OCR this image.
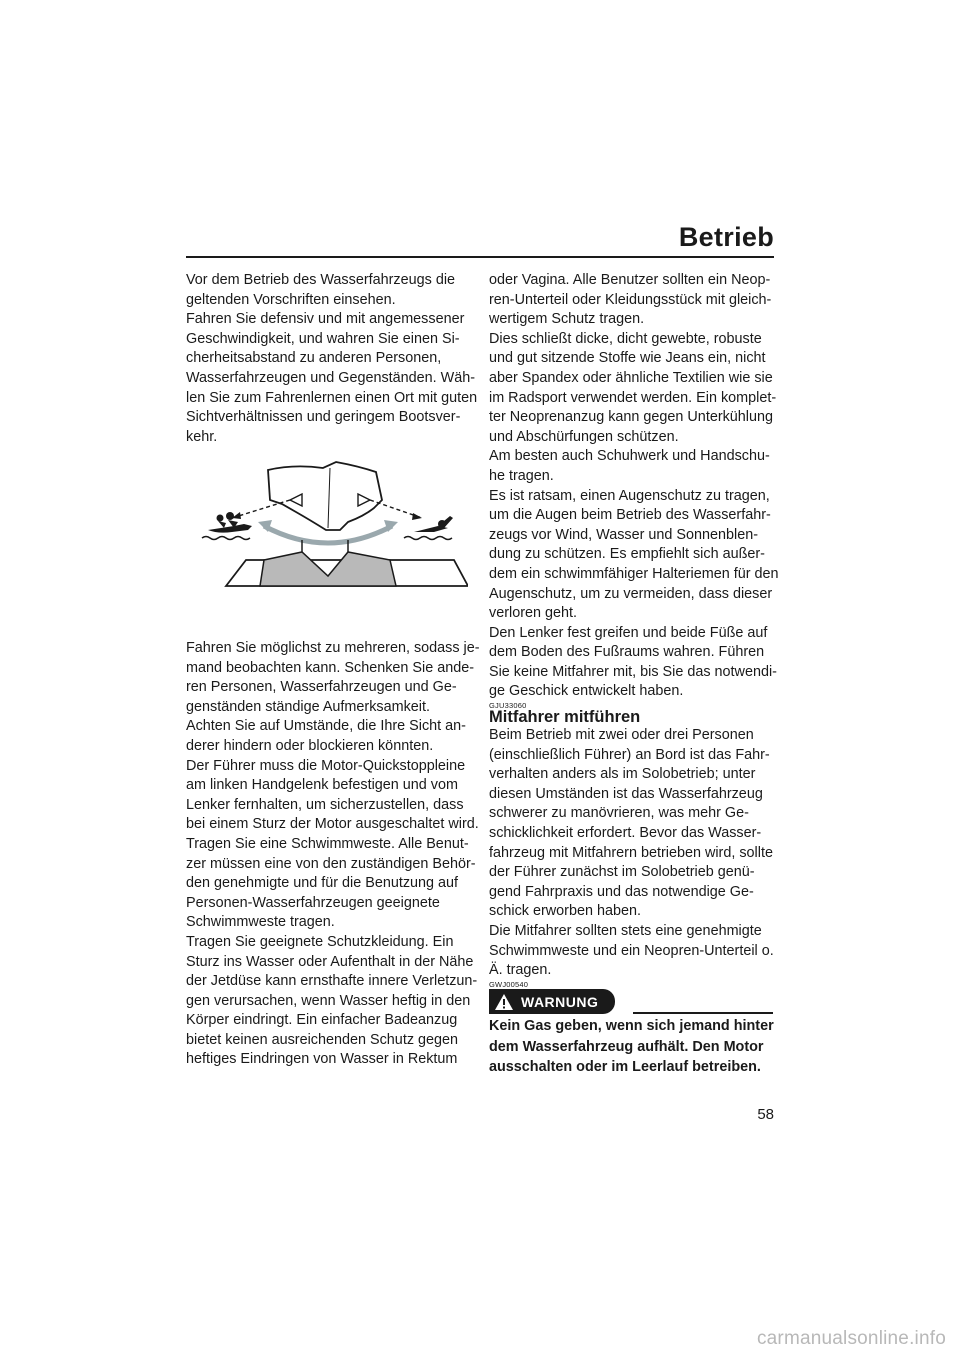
Betrieb
Vor dem Betrieb des Wasserfahrzeugs die
geltenden Vorschriften einsehen.
Fahren Sie defensiv und mit angemessener
Geschwindigkeit, und wahren Sie einen Si-
cherheitsabstand zu anderen Personen,
Wasserfahrzeugen und Gegenständen. Wäh-
len Sie zum Fahrenlernen einen Ort mit guten
Sichtverhältnissen und geringem Bootsver-
kehr.
Fahren Sie möglichst zu mehreren, sodass je-
mand beobachten kann. Schenken Sie ande-
ren Personen, Wasserfahrzeugen und Ge-
genständen ständige Aufmerksamkeit.
Achten Sie auf Umstände, die Ihre Sicht an-
derer hindern oder blockieren könnten.
Der Führer muss die Motor-Quickstoppleine
am linken Handgelenk befestigen und vom
Lenker fernhalten, um sicherzustellen, dass
bei einem Sturz der Motor ausgeschaltet wird.
Tragen Sie eine Schwimmweste. Alle Benut-
zer müssen eine von den zuständigen Behör-
den genehmigte und für die Benutzung auf
Personen-Wasserfahrzeugen geeignete
Schwimmweste tragen.
Tragen Sie geeignete Schutzkleidung. Ein
Sturz ins Wasser oder Aufenthalt in der Nähe
der Jetdüse kann ernsthafte innere Verletzun-
gen verursachen, wenn Wasser heftig in den
Körper eindringt. Ein einfacher Badeanzug
bietet keinen ausreichenden Schutz gegen
heftiges Eindringen von Wasser in Rektum
oder Vagina. Alle Benutzer sollten ein Neop-
ren-Unterteil oder Kleidungsstück mit gleich-
wertigem Schutz tragen.
Dies schließt dicke, dicht gewebte, robuste
und gut sitzende Stoffe wie Jeans ein, nicht
aber Spandex oder ähnliche Textilien wie sie
im Radsport verwendet werden. Ein komplet-
ter Neoprenanzug kann gegen Unterkühlung
und Abschürfungen schützen.
Am besten auch Schuhwerk und Handschu-
he tragen.
Es ist ratsam, einen Augenschutz zu tragen,
um die Augen beim Betrieb des Wasserfahr-
zeugs vor Wind, Wasser und Sonnenblen-
dung zu schützen. Es empfiehlt sich außer-
dem ein schwimmfähiger Halteriemen für den
Augenschutz, um zu vermeiden, dass dieser
verloren geht.
Den Lenker fest greifen und beide Füße auf
dem Boden des Fußraums wahren. Führen
Sie keine Mitfahrer mit, bis Sie das notwendi-
ge Geschick entwickelt haben.
GJU33060
Mitfahrer mitführen
Beim Betrieb mit zwei oder drei Personen
(einschließlich Führer) an Bord ist das Fahr-
verhalten anders als im Solobetrieb; unter
diesen Umständen ist das Wasserfahrzeug
schwerer zu manövrieren, was mehr Ge-
schicklichkeit erfordert. Bevor das Wasser-
fahrzeug mit Mitfahrern betrieben wird, sollte
der Führer zunächst im Solobetrieb genü-
gend Fahrpraxis und das notwendige Ge-
schick erworben haben.
Die Mitfahrer sollten stets eine genehmigte
Schwimmweste und ein Neopren-Unterteil o.
Ä. tragen.
GWJ00540
WARNUNG
Kein Gas geben, wenn sich jemand hinter
dem Wasserfahrzeug aufhält. Den Motor
ausschalten oder im Leerlauf betreiben.
58
carmanualsonline.info
